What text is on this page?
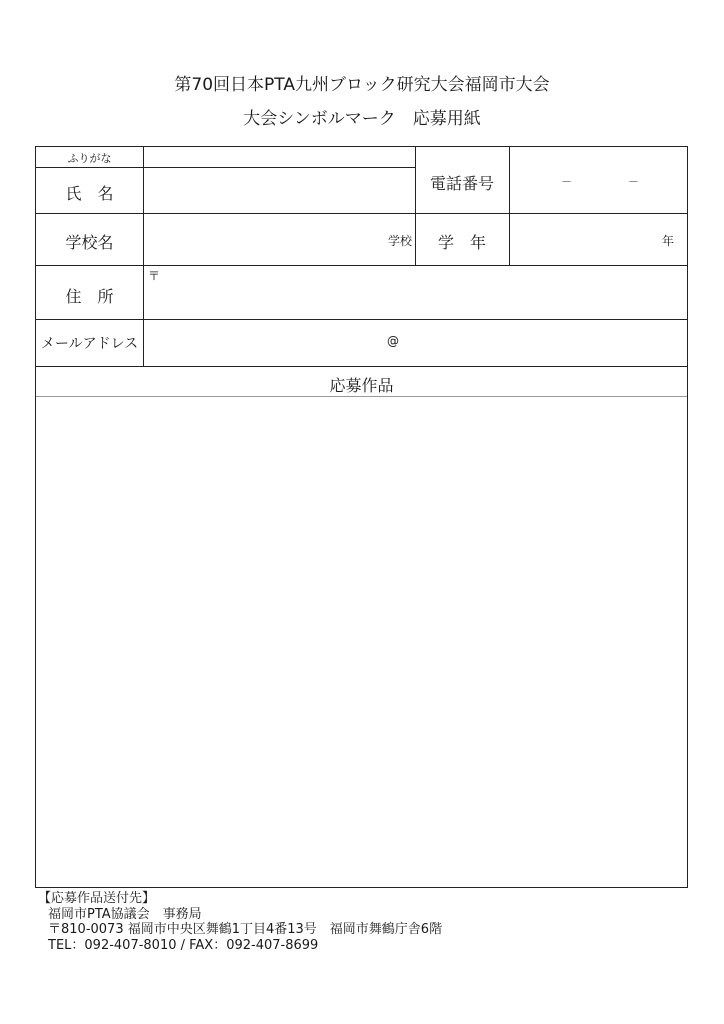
第70回日本PTA九州ブロック研究大会福岡市大会
大会シンボルマーク　応募用紙
ふりがな
氏　名
電話番号	－	－
学校名	学校	学　年	年
住　所
〒
メールアドレス	@
応募作品
【応募作品送付先】
福岡市PTA協議会　事務局
〒810-0073 福岡市中央区舞鶴1丁目4番13号　福岡市舞鶴庁舎6階
TEL：092-407-8010 / FAX：092-407-8699
